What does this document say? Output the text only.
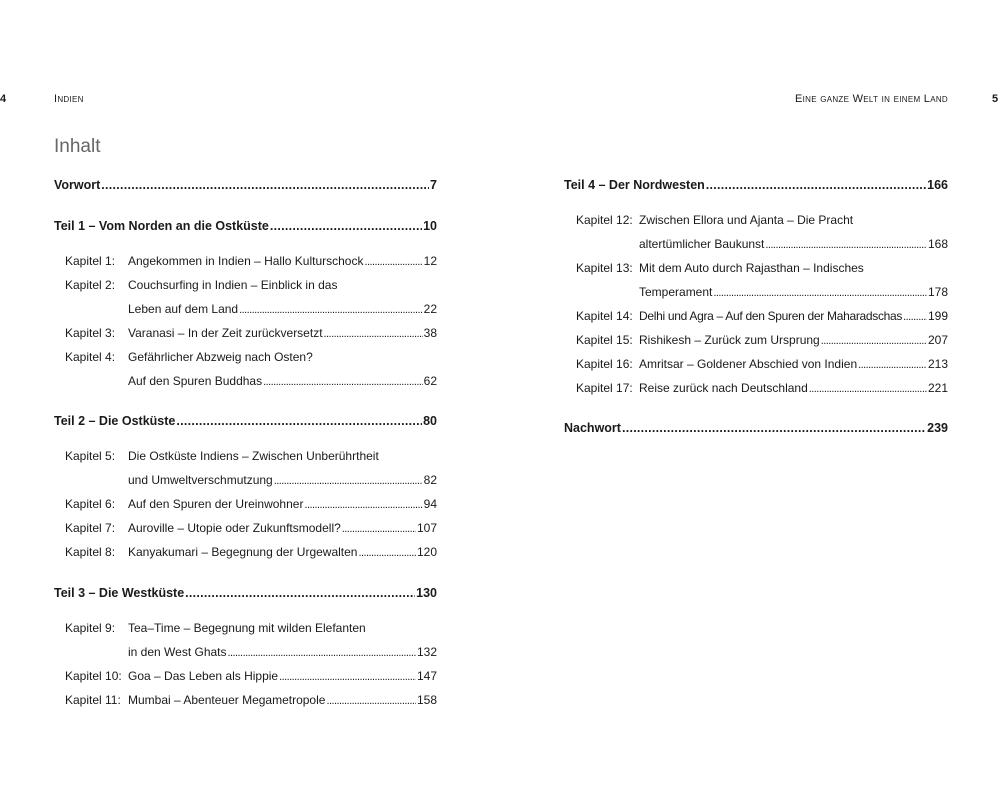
4	Indien	Eine ganze Welt in einem Land	5
Inhalt
Vorwort . . .	7
Teil 1 – Vom Norden an die Ostküste . . .	10
Kapitel 1: Angekommen in Indien – Hallo Kulturschock . . .	12
Kapitel 2: Couchsurfing in Indien – Einblick in das
Leben auf dem Land . . .	22
Kapitel 3: Varanasi – In der Zeit zurückversetzt . . .	38
Kapitel 4: Gefährlicher Abzweig nach Osten?
Auf den Spuren Buddhas . . .	62
Teil 2 – Die Ostküste . . .	80
Kapitel 5: Die Ostküste Indiens – Zwischen Unberührtheit
und Umweltverschmutzung . . .	82
Kapitel 6: Auf den Spuren der Ureinwohner . . .	94
Kapitel 7: Auroville – Utopie oder Zukunftsmodell? . . .	107
Kapitel 8: Kanyakumari – Begegnung der Urgewalten . . .	120
Teil 3 – Die Westküste . . .	130
Kapitel 9: Tea–Time – Begegnung mit wilden Elefanten
in den West Ghats . . .	132
Kapitel 10: Goa – Das Leben als Hippie . . .	147
Kapitel 11: Mumbai – Abenteuer Megametropole . . .	158
Teil 4 – Der Nordwesten . . .	166
Kapitel 12: Zwischen Ellora und Ajanta – Die Pracht
altertümlicher Baukunst . . .	168
Kapitel 13: Mit dem Auto durch Rajasthan – Indisches
Temperament . . .	178
Kapitel 14: Delhi und Agra – Auf den Spuren der Maharadschas . . . 199
Kapitel 15: Rishikesh – Zurück zum Ursprung . . .	207
Kapitel 16: Amritsar – Goldener Abschied von Indien . . .	213
Kapitel 17: Reise zurück nach Deutschland . . .	221
Nachwort . . .	239
